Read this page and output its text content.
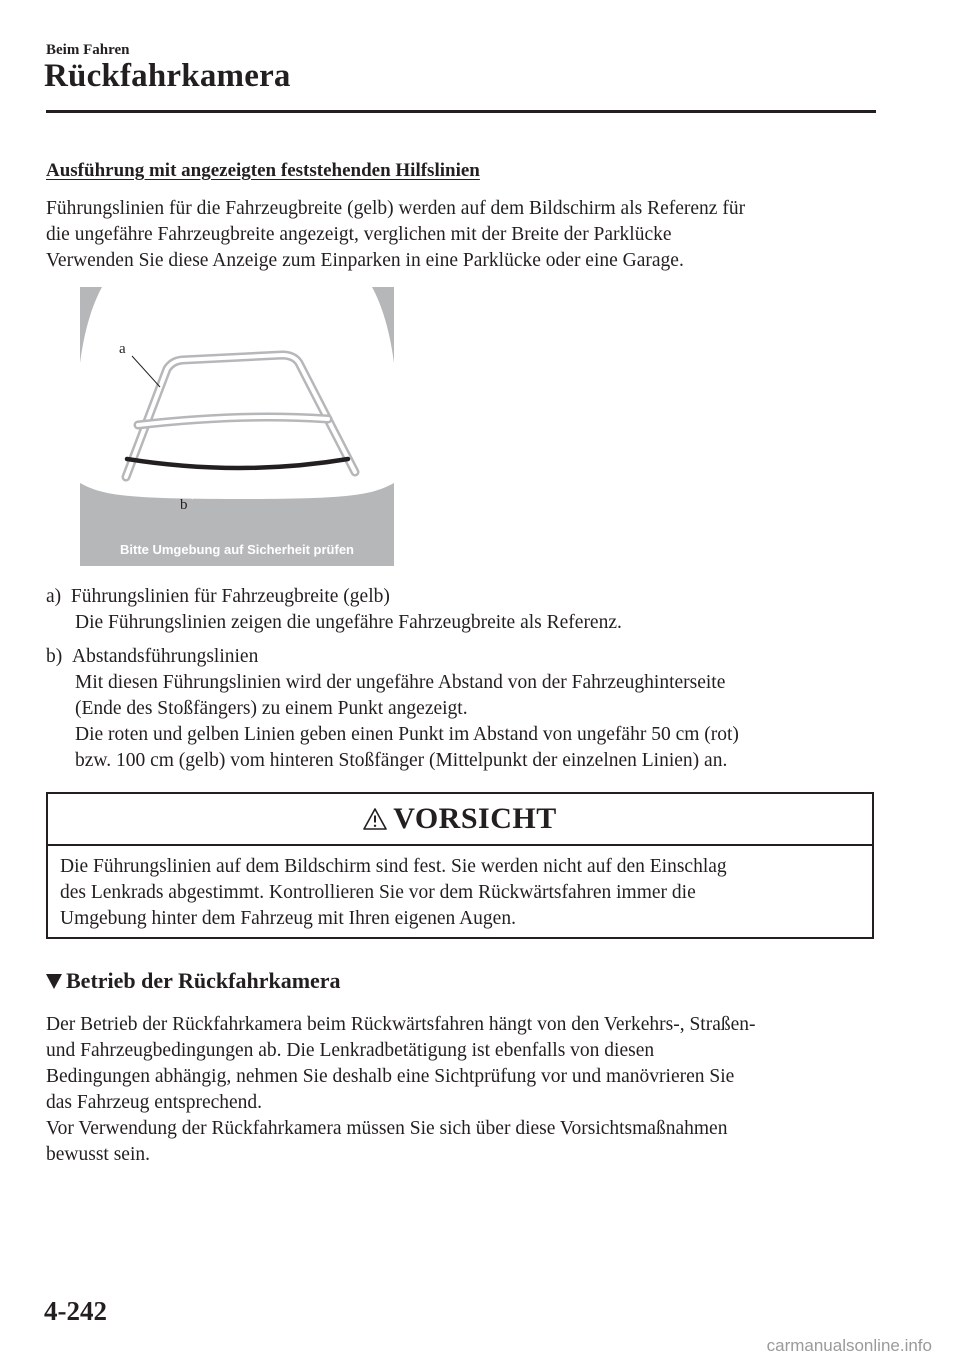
Beim Fahren
Rückfahrkamera
Ausführung mit angezeigten feststehenden Hilfslinien
Führungslinien für die Fahrzeugbreite (gelb) werden auf dem Bildschirm als Referenz für
die ungefähre Fahrzeugbreite angezeigt, verglichen mit der Breite der Parklücke
Verwenden Sie diese Anzeige zum Einparken in eine Parklücke oder eine Garage.
a
b
Bitte Umgebung auf Sicherheit prüfen
a) Führungslinien für Fahrzeugbreite (gelb)
Die Führungslinien zeigen die ungefähre Fahrzeugbreite als Referenz.
b) Abstandsführungslinien
Mit diesen Führungslinien wird der ungefähre Abstand von der Fahrzeughinterseite
(Ende des Stoßfängers) zu einem Punkt angezeigt.
Die roten und gelben Linien geben einen Punkt im Abstand von ungefähr 50 cm (rot)
bzw. 100 cm (gelb) vom hinteren Stoßfänger (Mittelpunkt der einzelnen Linien) an.
VORSICHT
Die Führungslinien auf dem Bildschirm sind fest. Sie werden nicht auf den Einschlag
des Lenkrads abgestimmt. Kontrollieren Sie vor dem Rückwärtsfahren immer die
Umgebung hinter dem Fahrzeug mit Ihren eigenen Augen.
Betrieb der Rückfahrkamera
Der Betrieb der Rückfahrkamera beim Rückwärtsfahren hängt von den Verkehrs-, Straßen-
und Fahrzeugbedingungen ab. Die Lenkradbetätigung ist ebenfalls von diesen
Bedingungen abhängig, nehmen Sie deshalb eine Sichtprüfung vor und manövrieren Sie
das Fahrzeug entsprechend.
Vor Verwendung der Rückfahrkamera müssen Sie sich über diese Vorsichtsmaßnahmen
bewusst sein.
4-242
carmanualsonline.info
